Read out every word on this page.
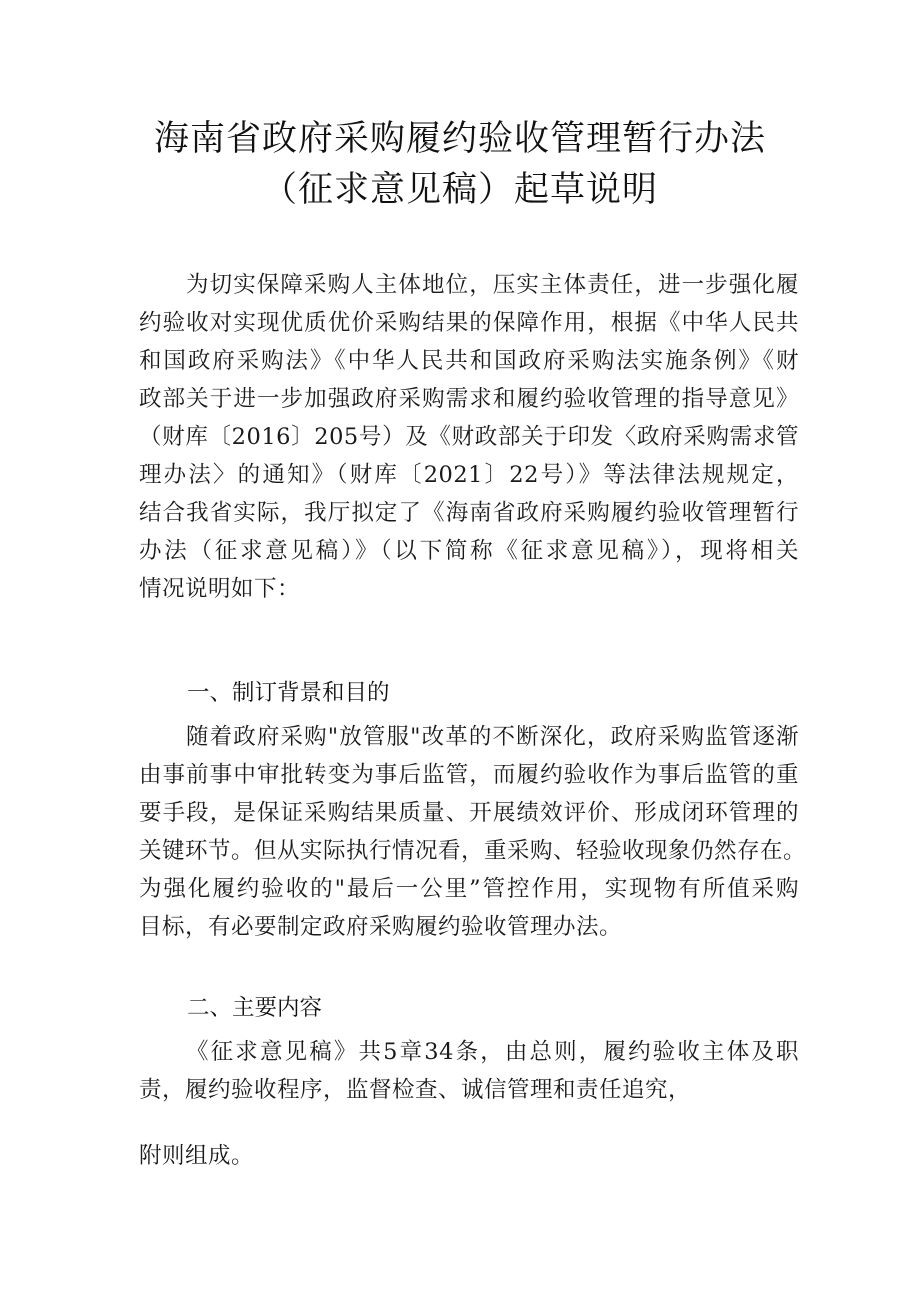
海南省政府采购履约验收管理暂行办法
（征求意见稿）起草说明
为切实保障采购人主体地位，压实主体责任，进一步强化履
约验收对实现优质优价采购结果的保障作用，根据《中华人民共
和国政府采购法》《中华人民共和国政府采购法实施条例》《财
政部关于进一步加强政府采购需求和履约验收管理的指导意见》
（财库〔2016〕205号）及《财政部关于印发〈政府采购需求管
理办法〉的通知》（财库〔2021〕22号）》等法律法规规定，
结合我省实际，我厅拟定了《海南省政府采购履约验收管理暂行
办法（征求意见稿）》（以下简称《征求意见稿》），现将相关
情况说明如下：
一、制订背景和目的
随着政府采购"放管服"改革的不断深化，政府采购监管逐渐
由事前事中审批转变为事后监管，而履约验收作为事后监管的重
要手段，是保证采购结果质量、开展绩效评价、形成闭环管理的
关键环节。但从实际执行情况看，重采购、轻验收现象仍然存在。
为强化履约验收的"最后一公里”管控作用，实现物有所值采购
目标，有必要制定政府采购履约验收管理办法。
二、主要内容
《征求意见稿》共5章34条，由总则，履约验收主体及职
责，履约验收程序，监督检查、诚信管理和责任追究，
附则组成。
